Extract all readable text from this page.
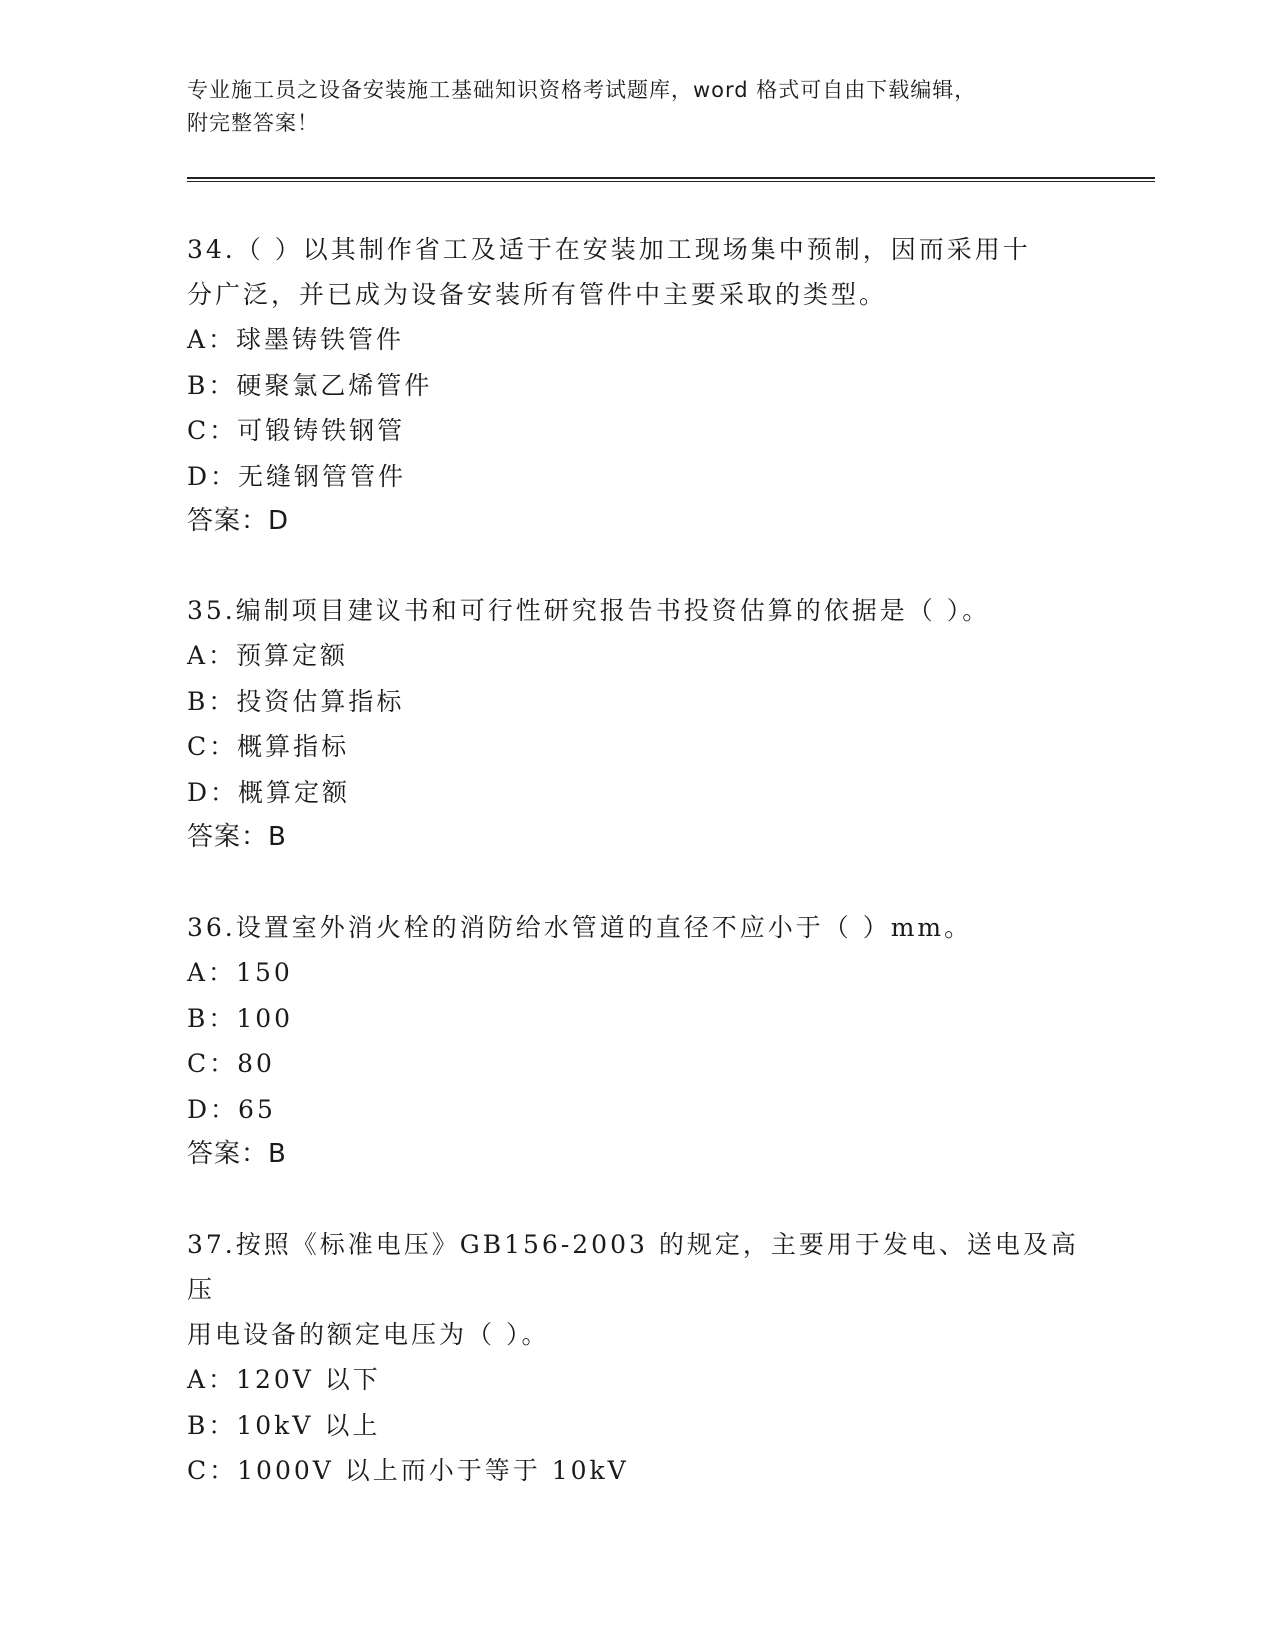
专业施工员之设备安装施工基础知识资格考试题库，word 格式可自由下载编辑，
附完整答案！
34.（ ）以其制作省工及适于在安装加工现场集中预制，因而采用十
分广泛，并已成为设备安装所有管件中主要采取的类型。
A：球墨铸铁管件
B：硬聚氯乙烯管件
C：可锻铸铁钢管
D：无缝钢管管件
答案：D
35.编制项目建议书和可行性研究报告书投资估算的依据是（ ）。
A：预算定额
B：投资估算指标
C：概算指标
D：概算定额
答案：B
36.设置室外消火栓的消防给水管道的直径不应小于（ ）mm。
A：150
B：100
C：80
D：65
答案：B
37.按照《标准电压》GB156-2003 的规定，主要用于发电、送电及高压
用电设备的额定电压为（ ）。
A：120V 以下
B：10kV 以上
C：1000V 以上而小于等于 10kV
